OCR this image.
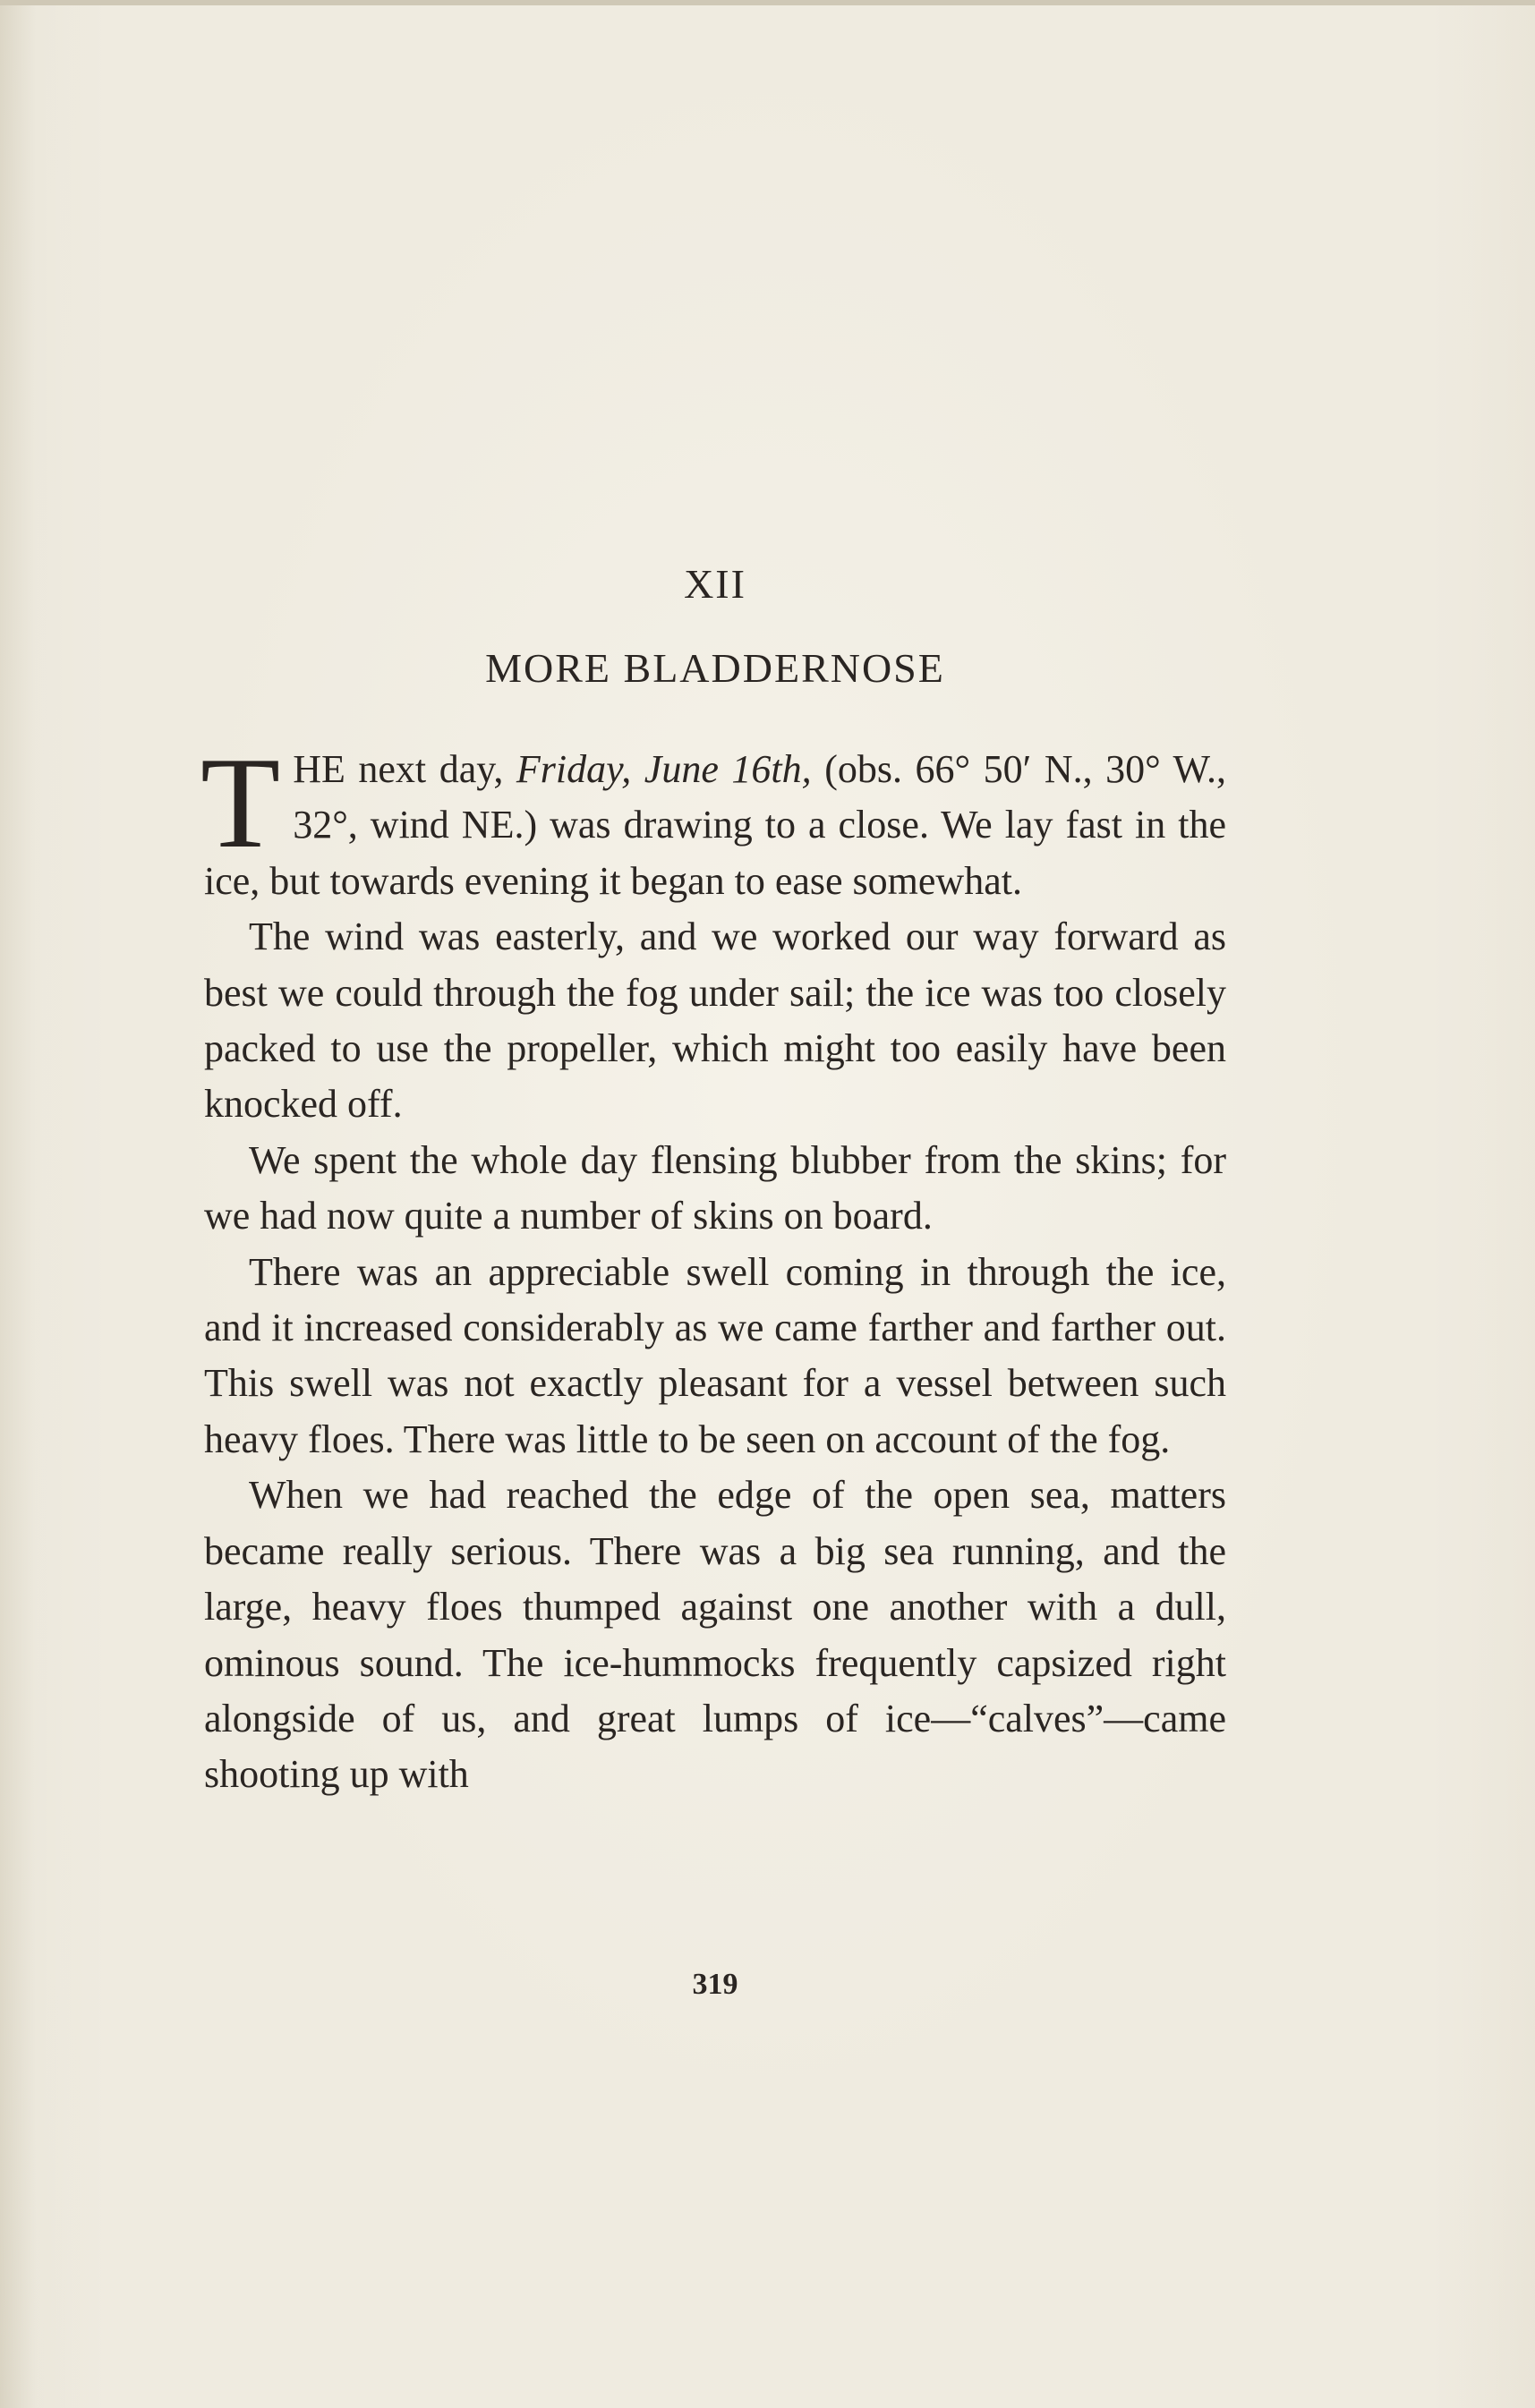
XII
MORE BLADDERNOSE

THE next day, Friday, June 16th, (obs. 66° 50′ N., 30° W., 32°, wind NE.) was drawing to a close. We lay fast in the ice, but towards evening it began to ease somewhat.

The wind was easterly, and we worked our way forward as best we could through the fog under sail; the ice was too closely packed to use the propeller, which might too easily have been knocked off.

We spent the whole day flensing blubber from the skins; for we had now quite a number of skins on board.

There was an appreciable swell coming in through the ice, and it increased considerably as we came farther and farther out. This swell was not exactly pleasant for a vessel between such heavy floes. There was little to be seen on account of the fog.

When we had reached the edge of the open sea, matters became really serious. There was a big sea running, and the large, heavy floes thumped against one another with a dull, ominous sound. The ice-hummocks frequently capsized right alongside of us, and great lumps of ice—“calves”—came shooting up with

319
